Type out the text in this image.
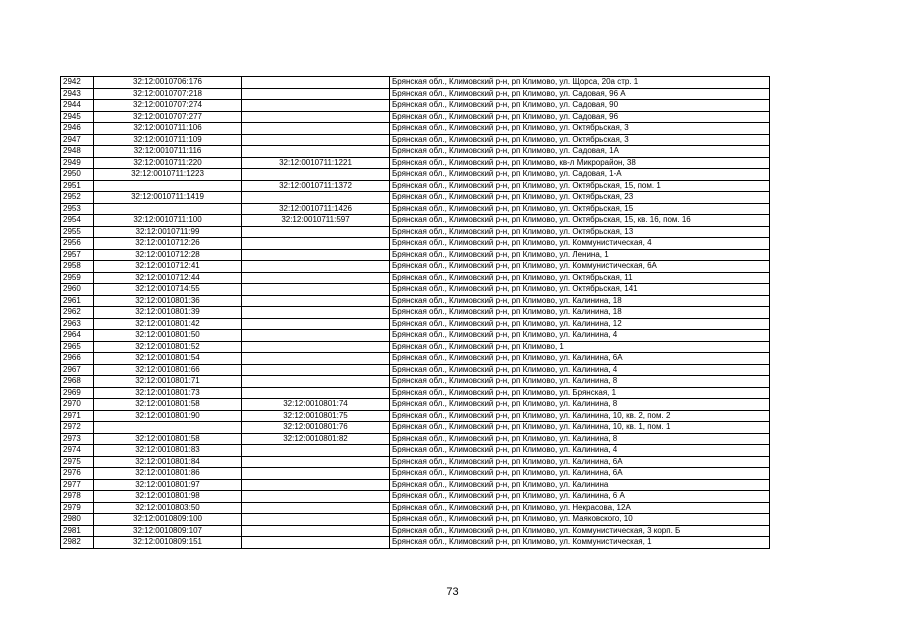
2942	32:12:0010706:176		Брянская обл., Климовский р-н, рп Климово, ул. Щорса, 20а стр. 1
2943	32:12:0010707:218		Брянская обл., Климовский р-н, рп Климово, ул. Садовая, 96 А
2944	32:12:0010707:274		Брянская обл., Климовский р-н, рп Климово, ул. Садовая, 90
2945	32:12:0010707:277		Брянская обл., Климовский р-н, рп Климово, ул. Садовая, 96
2946	32:12:0010711:106		Брянская обл., Климовский р-н, рп Климово, ул. Октябрьская, 3
2947	32:12:0010711:109		Брянская обл., Климовский р-н, рп Климово, ул. Октябрьская, 3
2948	32:12:0010711:116		Брянская обл., Климовский р-н, рп Климово, ул. Садовая, 1А
2949	32:12:0010711:220	32:12:0010711:1221	Брянская обл., Климовский р-н, рп Климово, кв-л Микрорайон, 38
2950	32:12:0010711:1223		Брянская обл., Климовский р-н, рп Климово, ул. Садовая, 1-А
2951		32:12:0010711:1372	Брянская обл., Климовский р-н, рп Климово, ул. Октябрьская, 15, пом. 1
2952	32:12:0010711:1419		Брянская обл., Климовский р-н, рп Климово, ул. Октябрьская, 23
2953		32:12:0010711:1426	Брянская обл., Климовский р-н, рп Климово, ул. Октябрьская, 15
2954	32:12:0010711:100	32:12:0010711:597	Брянская обл., Климовский р-н, рп Климово, ул. Октябрьская, 15, кв. 16, пом. 16
2955	32:12:0010711:99		Брянская обл., Климовский р-н, рп Климово, ул. Октябрьская, 13
2956	32:12:0010712:26		Брянская обл., Климовский р-н, рп Климово, ул. Коммунистическая, 4
2957	32:12:0010712:28		Брянская обл., Климовский р-н, рп Климово, ул. Ленина, 1
2958	32:12:0010712:41		Брянская обл., Климовский р-н, рп Климово, ул. Коммунистическая, 6А
2959	32:12:0010712:44		Брянская обл., Климовский р-н, рп Климово, ул. Октябрьская, 11
2960	32:12:0010714:55		Брянская обл., Климовский р-н, рп Климово, ул. Октябрьская, 141
2961	32:12:0010801:36		Брянская обл., Климовский р-н, рп Климово, ул. Калинина, 18
2962	32:12:0010801:39		Брянская обл., Климовский р-н, рп Климово, ул. Калинина, 18
2963	32:12:0010801:42		Брянская обл., Климовский р-н, рп Климово, ул. Калинина, 12
2964	32:12:0010801:50		Брянская обл., Климовский р-н, рп Климово, ул. Калинина, 4
2965	32:12:0010801:52		Брянская обл., Климовский р-н, рп Климово, 1
2966	32:12:0010801:54		Брянская обл., Климовский р-н, рп Климово, ул. Калинина, 6А
2967	32:12:0010801:66		Брянская обл., Климовский р-н, рп Климово, ул. Калинина, 4
2968	32:12:0010801:71		Брянская обл., Климовский р-н, рп Климово, ул. Калинина, 8
2969	32:12:0010801:73		Брянская обл., Климовский р-н, рп Климово, ул. Брянская, 1
2970	32:12:0010801:58	32:12:0010801:74	Брянская обл., Климовский р-н, рп Климово, ул. Калинина, 8
2971	32:12:0010801:90	32:12:0010801:75	Брянская обл., Климовский р-н, рп Климово, ул. Калинина, 10, кв. 2, пом. 2
2972		32:12:0010801:76	Брянская обл., Климовский р-н, рп Климово, ул. Калинина, 10, кв. 1, пом. 1
2973	32:12:0010801:58	32:12:0010801:82	Брянская обл., Климовский р-н, рп Климово, ул. Калинина, 8
2974	32:12:0010801:83		Брянская обл., Климовский р-н, рп Климово, ул. Калинина, 4
2975	32:12:0010801:84		Брянская обл., Климовский р-н, рп Климово, ул. Калинина, 6А
2976	32:12:0010801:86		Брянская обл., Климовский р-н, рп Климово, ул. Калинина, 6А
2977	32:12:0010801:97		Брянская обл., Климовский р-н, рп Климово, ул. Калинина
2978	32:12:0010801:98		Брянская обл., Климовский р-н, рп Климово, ул. Калинина, 6 А
2979	32:12:0010803:50		Брянская обл., Климовский р-н, рп Климово, ул. Некрасова, 12А
2980	32:12:0010809:100		Брянская обл., Климовский р-н, рп Климово, ул. Маяковского, 10
2981	32:12:0010809:107		Брянская обл., Климовский р-н, рп Климово, ул. Коммунистическая, 3 корп. Б
2982	32:12:0010809:151		Брянская обл., Климовский р-н, рп Климово, ул. Коммунистическая, 1
73
